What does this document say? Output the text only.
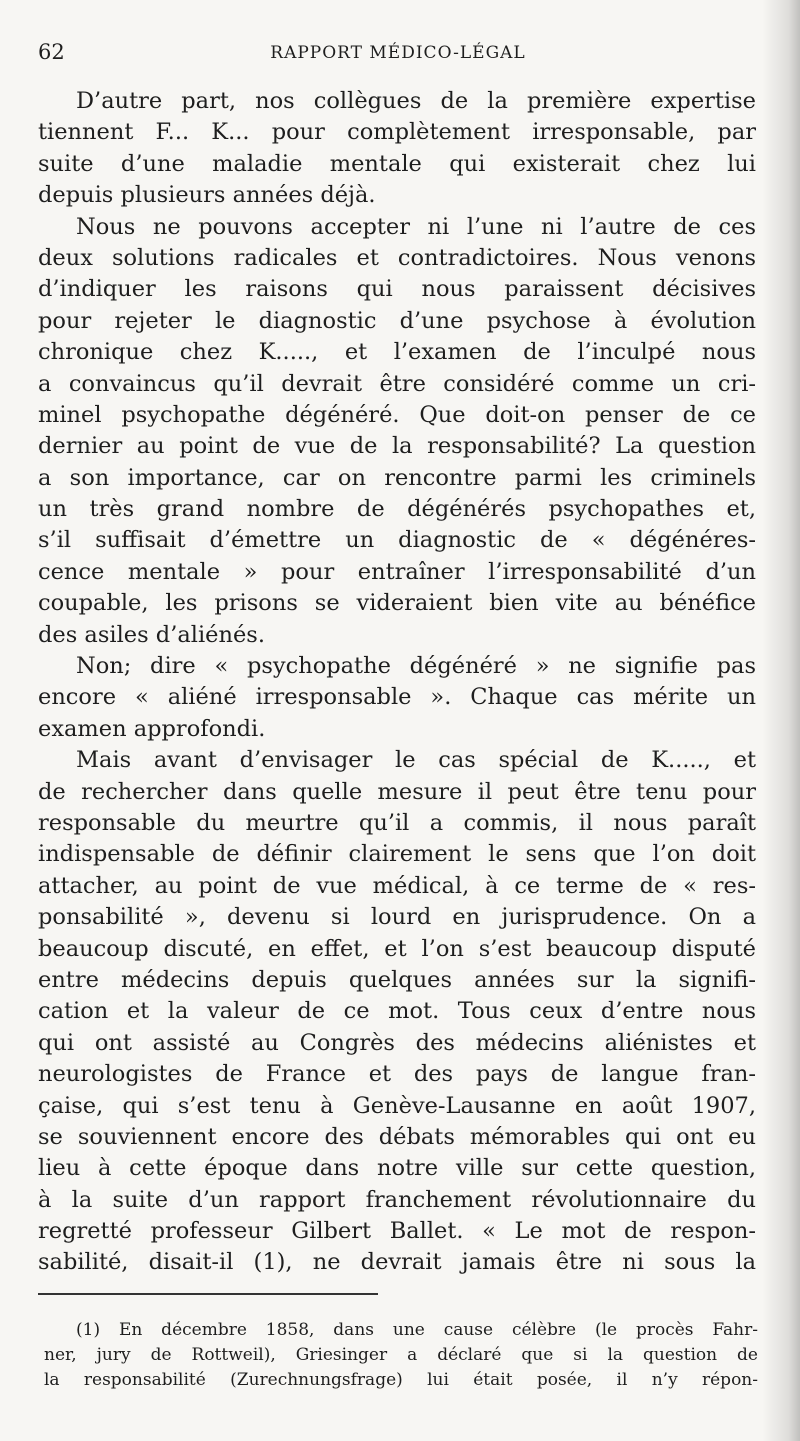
62	RAPPORT MÉDICO-LÉGAL
D’autre part, nos collègues de la première expertise
tiennent F... K... pour complètement irresponsable, par
suite d’une maladie mentale qui existerait chez lui
depuis plusieurs années déjà.
Nous ne pouvons accepter ni l’une ni l’autre de ces
deux solutions radicales et contradictoires. Nous venons
d’indiquer les raisons qui nous paraissent décisives
pour rejeter le diagnostic d’une psychose à évolution
chronique chez K....., et l’examen de l’inculpé nous
a convaincus qu’il devrait être considéré comme un cri-
minel psychopathe dégénéré. Que doit-on penser de ce
dernier au point de vue de la responsabilité? La question
a son importance, car on rencontre parmi les criminels
un très grand nombre de dégénérés psychopathes et,
s’il suffisait d’émettre un diagnostic de « dégénéres-
cence mentale » pour entraîner l’irresponsabilité d’un
coupable, les prisons se videraient bien vite au bénéfice
des asiles d’aliénés.
Non; dire « psychopathe dégénéré » ne signifie pas
encore « aliéné irresponsable ». Chaque cas mérite un
examen approfondi.
Mais avant d’envisager le cas spécial de K....., et
de rechercher dans quelle mesure il peut être tenu pour
responsable du meurtre qu’il a commis, il nous paraît
indispensable de définir clairement le sens que l’on doit
attacher, au point de vue médical, à ce terme de « res-
ponsabilité », devenu si lourd en jurisprudence. On a
beaucoup discuté, en effet, et l’on s’est beaucoup disputé
entre médecins depuis quelques années sur la signifi-
cation et la valeur de ce mot. Tous ceux d’entre nous
qui ont assisté au Congrès des médecins aliénistes et
neurologistes de France et des pays de langue fran-
çaise, qui s’est tenu à Genève-Lausanne en août 1907,
se souviennent encore des débats mémorables qui ont eu
lieu à cette époque dans notre ville sur cette question,
à la suite d’un rapport franchement révolutionnaire du
regretté professeur Gilbert Ballet. « Le mot de respon-
sabilité, disait-il (1), ne devrait jamais être ni sous la
(1) En décembre 1858, dans une cause célèbre (le procès Fahr-
ner, jury de Rottweil), Griesinger a déclaré que si la question de
la responsabilité (Zurechnungsfrage) lui était posée, il n’y répon-
